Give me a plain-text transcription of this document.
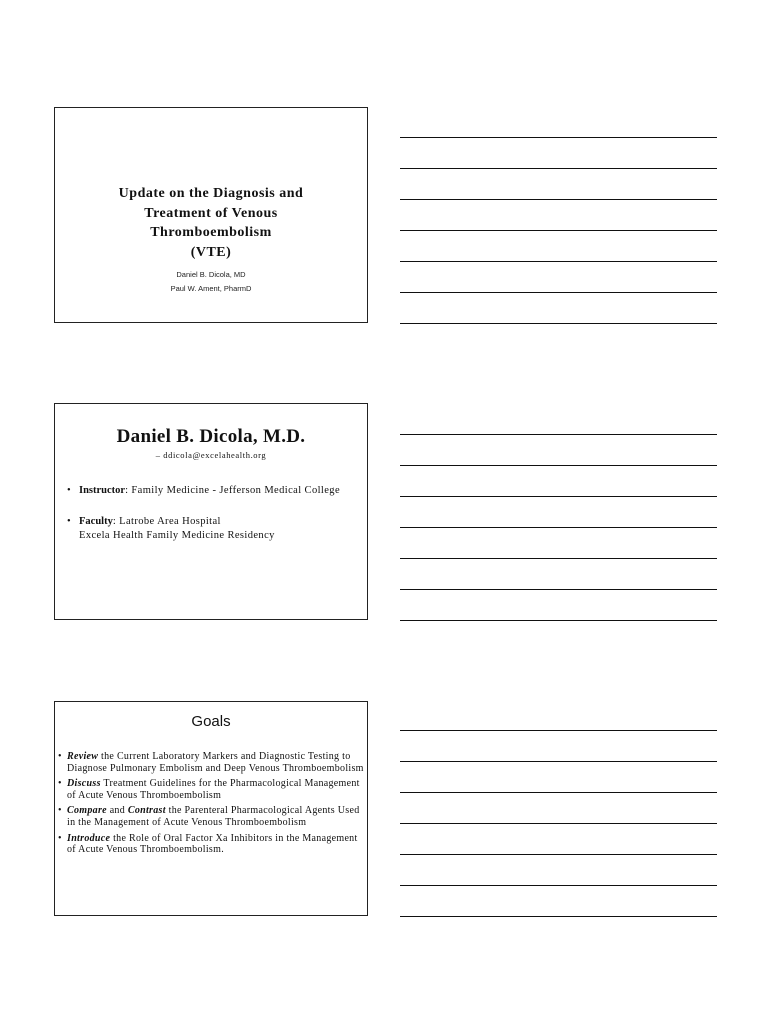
Update on the Diagnosis and
Treatment of Venous
Thromboembolism
(VTE)
Daniel B. Dicola, MD
Paul W. Ament, PharmD
Daniel B. Dicola, M.D.
– ddicola@excelahealth.org
• Instructor: Family Medicine - Jefferson Medical College
• Faculty: Latrobe Area Hospital
Excela Health Family Medicine Residency
Goals
• Review the Current Laboratory Markers and Diagnostic Testing to Diagnose Pulmonary Embolism and Deep Venous Thromboembolism
• Discuss Treatment Guidelines for the Pharmacological Management of Acute Venous Thromboembolism
• Compare and Contrast the Parenteral Pharmacological Agents Used in the Management of Acute Venous Thromboembolism
• Introduce the Role of Oral Factor Xa Inhibitors in the Management of Acute Venous Thromboembolism.
